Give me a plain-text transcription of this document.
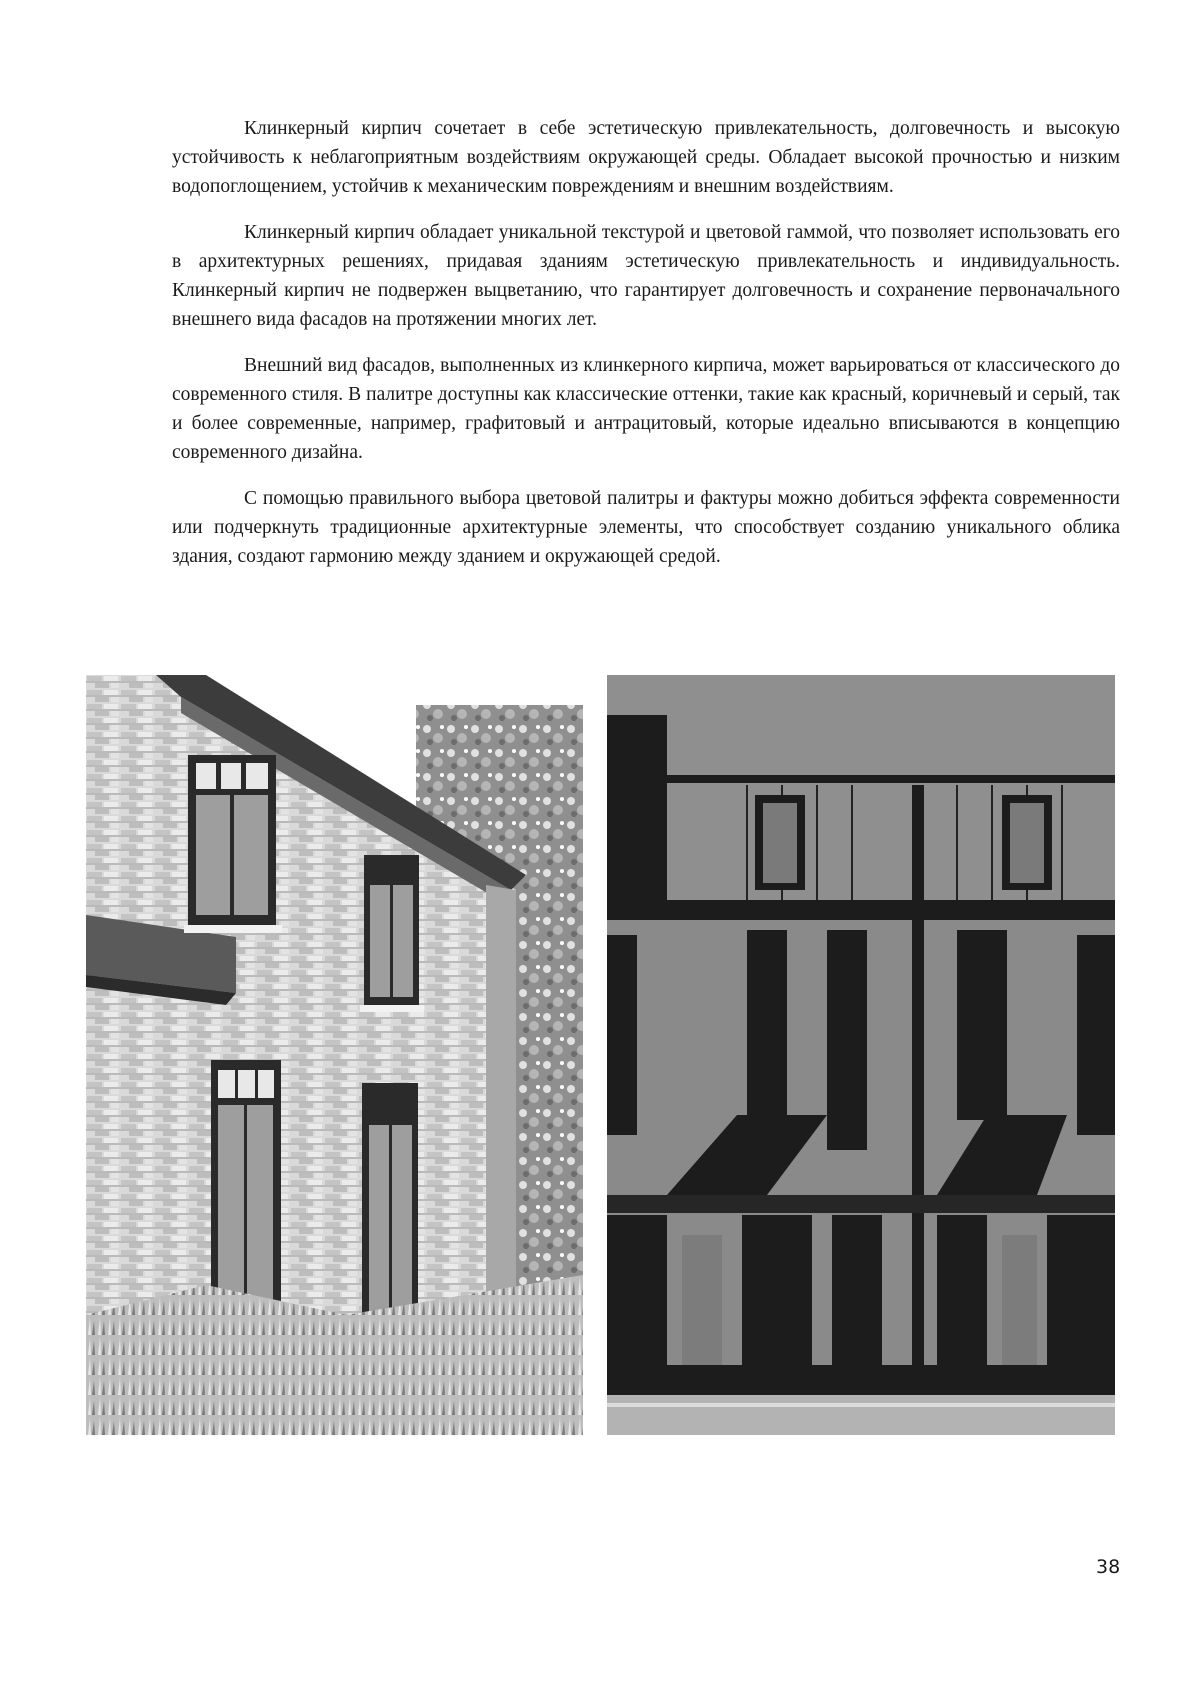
Клинкерный кирпич сочетает в себе эстетическую привлекательность, долговечность и высокую устойчивость к неблагоприятным воздействиям окружающей среды. Обладает высокой прочностью и низким водопоглощением, устойчив к механическим повреждениям и внешним воздействиям.

Клинкерный кирпич обладает уникальной текстурой и цветовой гаммой, что позволяет использовать его в архитектурных решениях, придавая зданиям эстетическую привлекательность и индивидуальность. Клинкерный кирпич не подвержен выцветанию, что гарантирует долговечность и сохранение первоначального внешнего вида фасадов на протяжении многих лет.

Внешний вид фасадов, выполненных из клинкерного кирпича, может варьироваться от классического до современного стиля. В палитре доступны как классические оттенки, такие как красный, коричневый и серый, так и более современные, например, графитовый и антрацитовый, которые идеально вписываются в концепцию современного дизайна.

С помощью правильного выбора цветовой палитры и фактуры можно добиться эффекта современности или подчеркнуть традиционные архитектурные элементы, что способствует созданию уникального облика здания, создают гармонию между зданием и окружающей средой.

38
